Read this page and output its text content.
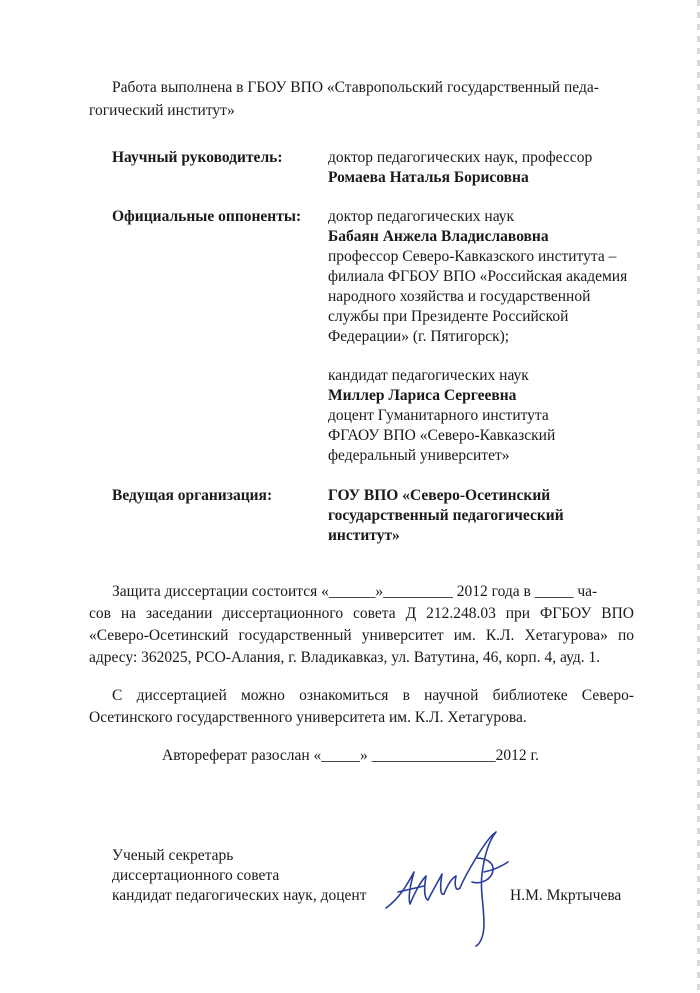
Работа выполнена в ГБОУ ВПО «Ставропольский государственный педа-
гогический институт»
Научный руководитель:	доктор педагогических наук, профессор
Ромаева Наталья Борисовна
Официальные оппоненты: доктор педагогических наук
Бабаян Анжела Владиславовна
профессор Северо-Кавказского института –
филиала ФГБОУ ВПО «Российская академия
народного хозяйства и государственной
службы при Президенте Российской
Федерации» (г. Пятигорск);
кандидат педагогических наук
Миллер Лариса Сергеевна
доцент Гуманитарного института
ФГАОУ ВПО «Северо-Кавказский
федеральный университет»
Ведущая организация:	ГОУ ВПО «Северо-Осетинский
государственный педагогический
институт»
Защита диссертации состоится «______»_________ 2012 года в _____ ча-
сов на заседании диссертационного совета Д 212.248.03 при ФГБОУ ВПО
«Северо-Осетинский государственный университет им. К.Л. Хетагурова» по
адресу: 362025, РСО-Алания, г. Владикавказ, ул. Ватутина, 46, корп. 4, ауд. 1.
С диссертацией можно ознакомиться в научной библиотеке Северо-
Осетинского государственного университета им. К.Л. Хетагурова.
Автореферат разослан «_____» ________________2012 г.
Ученый секретарь
диссертационного совета
кандидат педагогических наук, доцент	Н.М. Мкртычева
